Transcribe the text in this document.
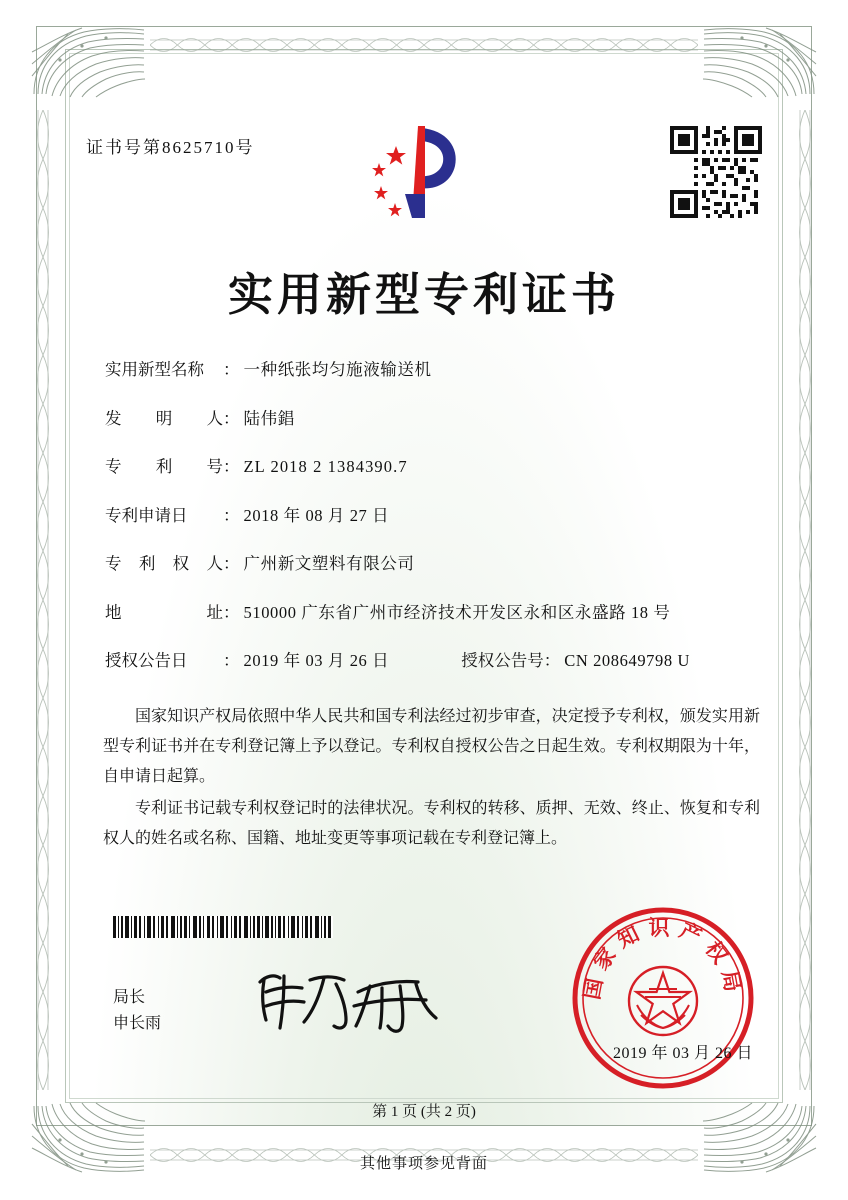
证书号第8625710号
实用新型专利证书
实用新型名称	： 一种纸张均匀施液输送机
发 明 人 ： 陆伟錩
专 利 号 ： ZL 2018 2 1384390.7
专利申请日	： 2018 年 08 月 27 日
专 利 权 人 ： 广州新文塑料有限公司
地	址 ： 510000 广东省广州市经济技术开发区永和区永盛路 18 号
授权公告日	： 2019 年 03 月 26 日	授权公告号 ： CN 208649798 U

国家知识产权局依照中华人民共和国专利法经过初步审查，决定授予专利权，颁发实用新型专利证书并在专利登记簿上予以登记。专利权自授权公告之日起生效。专利权期限为十年，自申请日起算。

专利证书记载专利权登记时的法律状况。专利权的转移、质押、无效、终止、恢复和专利权人的姓名或名称、国籍、地址变更等事项记载在专利登记簿上。

局长
申长雨
国家知识产权局
2019 年 03 月 26 日
第 1 页 (共 2 页)
其他事项参见背面
